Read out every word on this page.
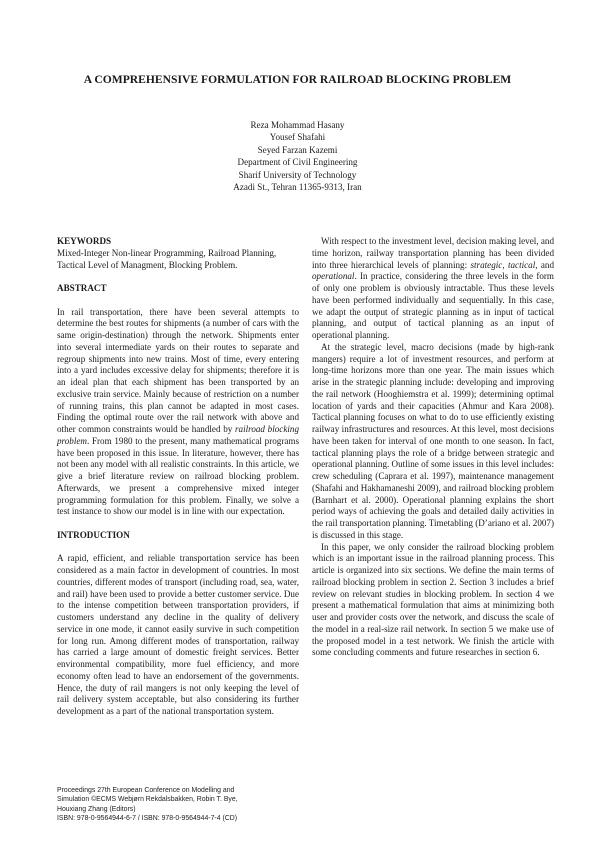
A COMPREHENSIVE FORMULATION FOR RAILROAD BLOCKING PROBLEM
Reza Mohammad Hasany
Yousef Shafahi
Seyed Farzan Kazemi
Department of Civil Engineering
Sharif University of Technology
Azadi St., Tehran 11365-9313, Iran
KEYWORDS

Mixed-Integer Non-linear Programming, Railroad Planning, Tactical Level of Managment, Blocking Problem.

ABSTRACT

In rail transportation, there have been several attempts to determine the best routes for shipments (a number of cars with the same origin-destination) through the network. Shipments enter into several intermediate yards on their routes to separate and regroup shipments into new trains. Most of time, every entering into a yard includes excessive delay for shipments; therefore it is an ideal plan that each shipment has been transported by an exclusive train service. Mainly because of restriction on a number of running trains, this plan cannot be adapted in most cases. Finding the optimal route over the rail network with above and other common constraints would be handled by railroad blocking problem. From 1980 to the present, many mathematical programs have been proposed in this issue. In literature, however, there has not been any model with all realistic constraints. In this article, we give a brief literature review on railroad blocking problem. Afterwards, we present a comprehensive mixed integer programming formulation for this problem. Finally, we solve a test instance to show our model is in line with our expectation.

INTRODUCTION

A rapid, efficient, and reliable transportation service has been considered as a main factor in development of countries. In most countries, different modes of transport (including road, sea, water, and rail) have been used to provide a better customer service. Due to the intense competition between transportation providers, if customers understand any decline in the quality of delivery service in one mode, it cannot easily survive in such competition for long run. Among different modes of transportation, railway has carried a large amount of domestic freight services. Better environmental compatibility, more fuel efficiency, and more economy often lead to have an endorsement of the governments. Hence, the duty of rail mangers is not only keeping the level of rail delivery system acceptable, but also considering its further development as a part of the national transportation system.

With respect to the investment level, decision making level, and time horizon, railway transportation planning has been divided into three hierarchical levels of planning: strategic, tactical, and operational. In practice, considering the three levels in the form of only one problem is obviously intractable. Thus these levels have been performed individually and sequentially. In this case, we adapt the output of strategic planning as in input of tactical planning, and output of tactical planning as an input of operational planning.

At the strategic level, macro decisions (made by high-rank mangers) require a lot of investment resources, and perform at long-time horizons more than one year. The main issues which arise in the strategic planning include: developing and improving the rail network (Hooghiemstra et al. 1999); determining optimal location of yards and their capacities (Ahmur and Kara 2008). Tactical planning focuses on what to do to use efficiently existing railway infrastructures and resources. At this level, most decisions have been taken for interval of one month to one season. In fact, tactical planning plays the role of a bridge between strategic and operational planning. Outline of some issues in this level includes: crew scheduling (Caprara et al. 1997), maintenance management (Shafahi and Hakhamaneshi 2009), and railroad blocking problem (Barnhart et al. 2000). Operational planning explains the short period ways of achieving the goals and detailed daily activities in the rail transportation planning. Timetabling (D’ariano et al. 2007) is discussed in this stage.

In this paper, we only consider the railroad blocking problem which is an important issue in the railroad planning process. This article is organized into six sections. We define the main terms of railroad blocking problem in section 2. Section 3 includes a brief review on relevant studies in blocking problem. In section 4 we present a mathematical formulation that aims at minimizing both user and provider costs over the network, and discuss the scale of the model in a real-size rail network. In section 5 we make use of the proposed model in a test network. We finish the article with some concluding comments and future researches in section 6.

Proceedings 27th European Conference on Modelling and
Simulation ©ECMS Webjørn Rekdalsbakken, Robin T. Bye,
Houxiang Zhang (Editors)
ISBN: 978-0-9564944-6-7 / ISBN: 978-0-9564944-7-4 (CD)
